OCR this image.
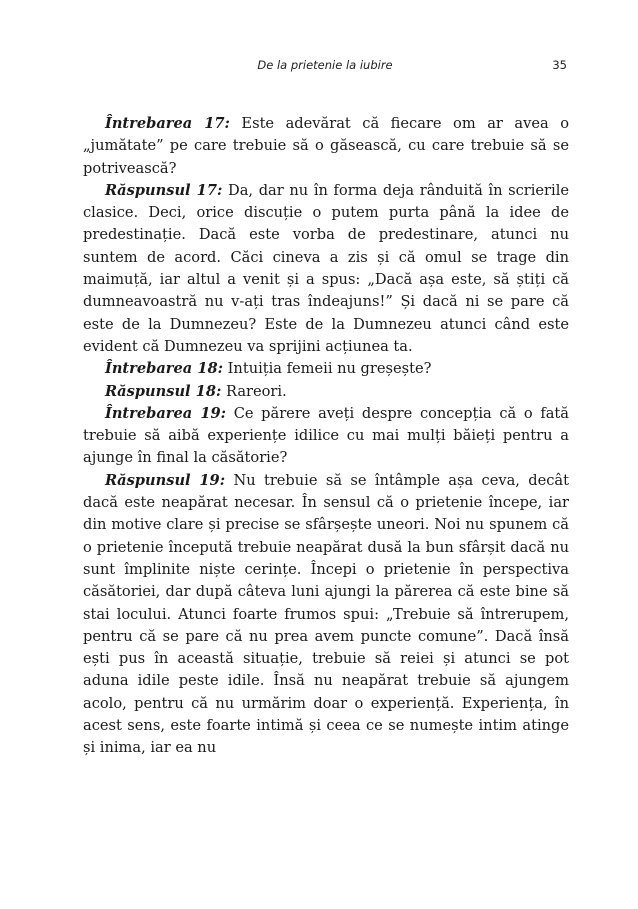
De la prietenie la iubire	35

Întrebarea 17: Este adevărat că fiecare om ar avea o „jumătate” pe care trebuie să o găsească, cu care trebuie să se potrivească?

Răspunsul 17: Da, dar nu în forma deja rânduită în scrierile clasice. Deci, orice discuție o putem purta până la idee de predestinație. Dacă este vorba de predestinare, atunci nu suntem de acord. Căci cineva a zis și că omul se trage din maimuță, iar altul a venit și a spus: „Dacă așa este, să știți că dumneavoastră nu v-ați tras îndeajuns!” Și dacă ni se pare că este de la Dumnezeu? Este de la Dumnezeu atunci când este evident că Dumnezeu va sprijini acțiunea ta.

Întrebarea 18: Intuiția femeii nu greșește?

Răspunsul 18: Rareori.

Întrebarea 19: Ce părere aveți despre concepția că o fată trebuie să aibă experiențe idilice cu mai mulți băieți pentru a ajunge în final la căsătorie?

Răspunsul 19: Nu trebuie să se întâmple așa ceva, decât dacă este neapărat necesar. În sensul că o prietenie începe, iar din motive clare și precise se sfârșește uneori. Noi nu spunem că o prietenie începută trebuie neapărat dusă la bun sfârșit dacă nu sunt împlinite niște cerințe. Începi o prietenie în perspectiva căsătoriei, dar după câteva luni ajungi la părerea că este bine să stai locului. Atunci foarte frumos spui: „Trebuie să întrerupem, pentru că se pare că nu prea avem puncte comune”. Dacă însă ești pus în această situație, trebuie să reiei și atunci se pot aduna idile peste idile. Însă nu neapărat trebuie să ajungem acolo, pentru că nu urmărim doar o experiență. Experiența, în acest sens, este foarte intimă și ceea ce se numește intim atinge și inima, iar ea nu
